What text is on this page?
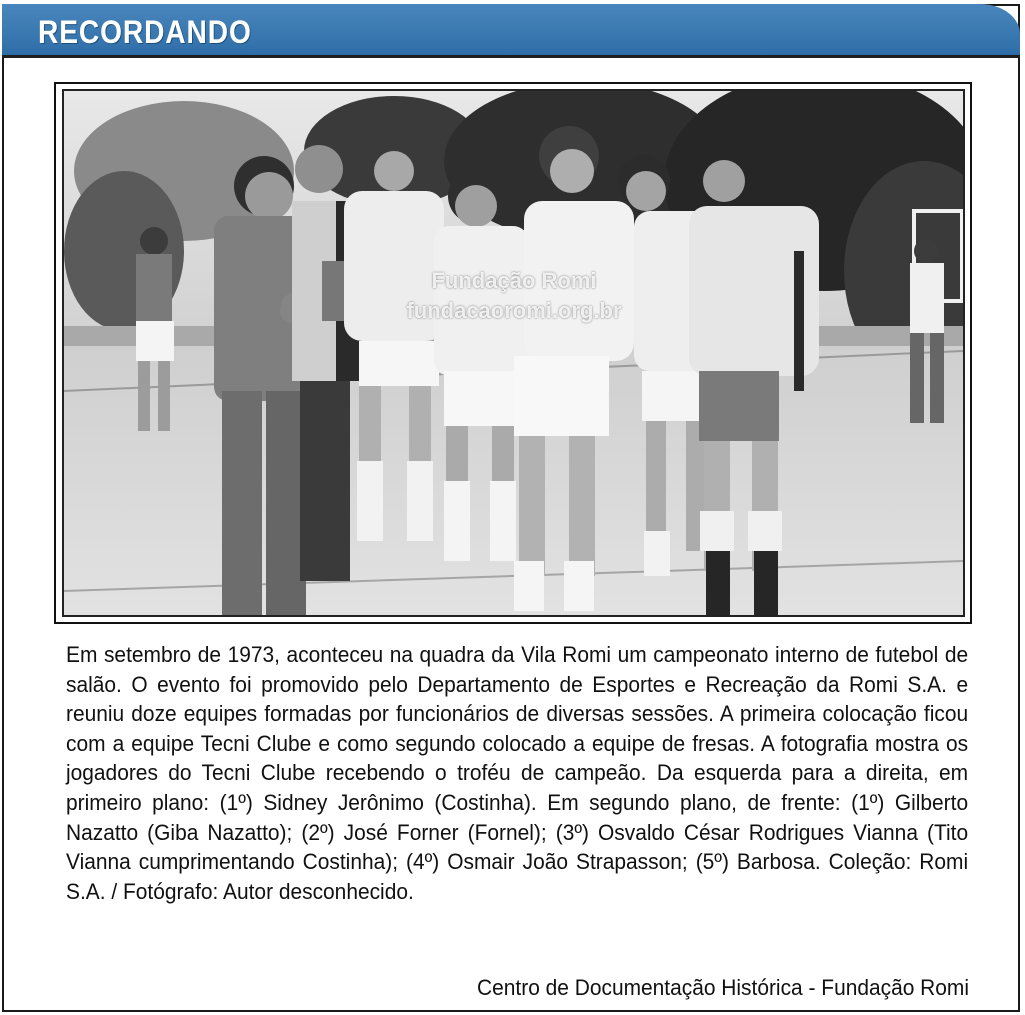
RECORDANDO
Fundação Romi
fundacaoromi.org.br
Em setembro de 1973, aconteceu na quadra da Vila Romi um campeonato interno de futebol de salão. O evento foi promovido pelo Departamento de Esportes e Recreação da Romi S.A. e reuniu doze equipes formadas por funcionários de diversas sessões. A primeira colocação ficou com a equipe Tecni Clube e como segundo colocado a equipe de fresas. A fotografia mostra os jogadores do Tecni Clube recebendo o troféu de campeão. Da esquerda para a direita, em primeiro plano: (1º) Sidney Jerônimo (Costinha). Em segundo plano, de frente: (1º) Gilberto Nazatto (Giba Nazatto); (2º) José Forner (Fornel); (3º) Osvaldo César Rodrigues Vianna (Tito Vianna cumprimentando Costinha); (4º) Osmair João Strapasson; (5º) Barbosa. Coleção: Romi S.A. / Fotógrafo: Autor desconhecido.
Centro de Documentação Histórica - Fundação Romi
